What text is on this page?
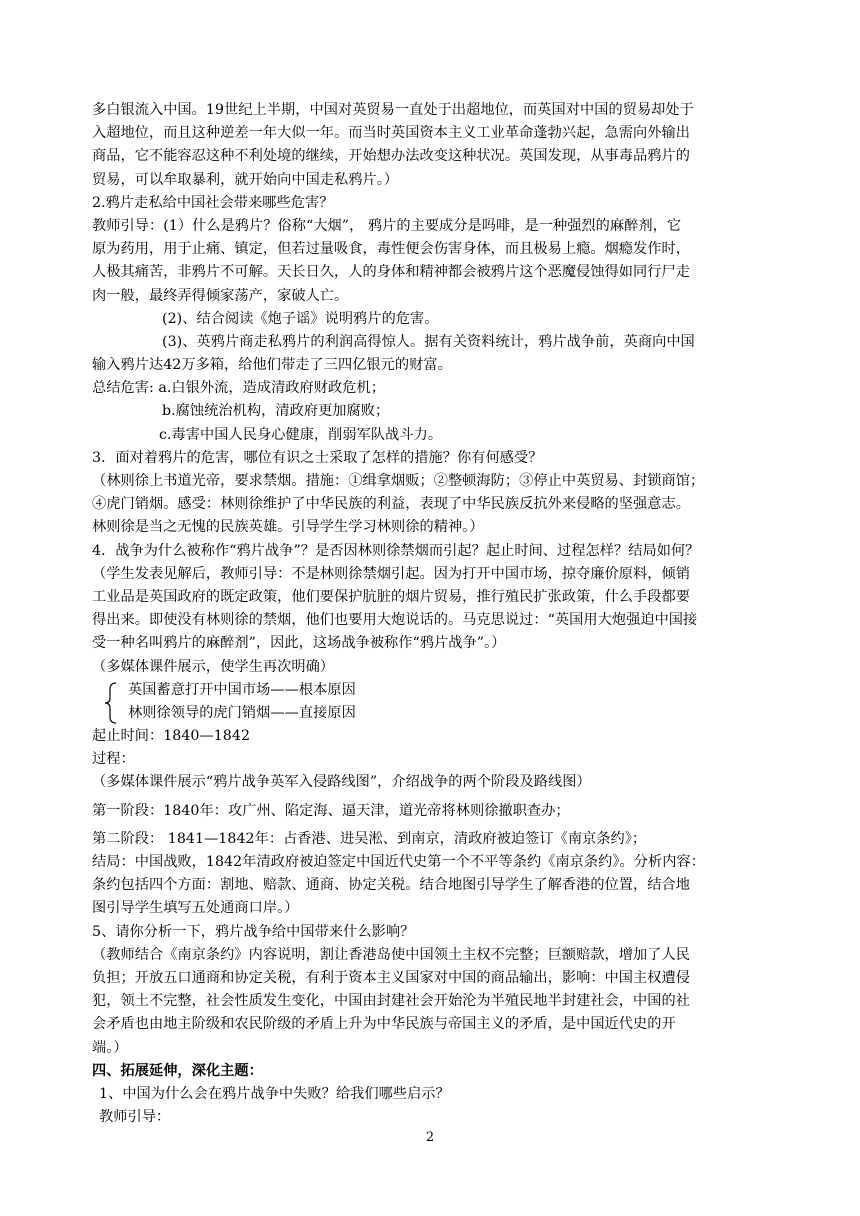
多白银流入中国。19世纪上半期，中国对英贸易一直处于出超地位，而英国对中国的贸易却处于
入超地位，而且这种逆差一年大似一年。而当时英国资本主义工业革命蓬勃兴起，急需向外输出
商品，它不能容忍这种不利处境的继续，开始想办法改变这种状况。英国发现，从事毒品鸦片的
贸易，可以牟取暴利，就开始向中国走私鸦片。）
2.鸦片走私给中国社会带来哪些危害？
教师引导：(1）什么是鸦片？俗称“大烟”， 鸦片的主要成分是吗啡，是一种强烈的麻醉剂，它
原为药用，用于止痛、镇定，但若过量吸食，毒性便会伤害身体，而且极易上瘾。烟瘾发作时，
人极其痛苦，非鸦片不可解。天长日久，人的身体和精神都会被鸦片这个恶魔侵蚀得如同行尸走
肉一般，最终弄得倾家荡产，家破人亡。
(2)、结合阅读《炮子谣》说明鸦片的危害。
(3)、英鸦片商走私鸦片的利润高得惊人。据有关资料统计，鸦片战争前，英商向中国
输入鸦片达42万多箱，给他们带走了三四亿银元的财富。
总结危害: a.白银外流，造成清政府财政危机；
b.腐蚀统治机构，清政府更加腐败；
c.毒害中国人民身心健康，削弱军队战斗力。
3．面对着鸦片的危害，哪位有识之士采取了怎样的措施？你有何感受？
（林则徐上书道光帝，要求禁烟。措施：①缉拿烟贩；②整顿海防；③停止中英贸易、封锁商馆；
④虎门销烟。感受：林则徐维护了中华民族的利益，表现了中华民族反抗外来侵略的坚强意志。
林则徐是当之无愧的民族英雄。引导学生学习林则徐的精神。）
4．战争为什么被称作“鸦片战争”？是否因林则徐禁烟而引起？起止时间、过程怎样？结局如何？
（学生发表见解后，教师引导：不是林则徐禁烟引起。因为打开中国市场，掠夺廉价原料，倾销
工业品是英国政府的既定政策，他们要保护肮脏的烟片贸易，推行殖民扩张政策，什么手段都要
得出来。即使没有林则徐的禁烟，他们也要用大炮说话的。马克思说过：“英国用大炮强迫中国接
受一种名叫鸦片的麻醉剂”，因此，这场战争被称作“鸦片战争”。）
（多媒体课件展示，使学生再次明确）
英国蓄意打开中国市场——根本原因
林则徐领导的虎门销烟——直接原因
起止时间：1840—1842
过程：
（多媒体课件展示“鸦片战争英军入侵路线图”，介绍战争的两个阶段及路线图）
第一阶段：1840年：攻广州、陷定海、逼天津，道光帝将林则徐撤职查办；
第二阶段： 1841—1842年：占香港、进吴淞、到南京，清政府被迫签订《南京条约》；
结局：中国战败，1842年清政府被迫签定中国近代史第一个不平等条约《南京条约》。分析内容：
条约包括四个方面：割地、赔款、通商、协定关税。结合地图引导学生了解香港的位置，结合地
图引导学生填写五处通商口岸。）
5、请你分析一下，鸦片战争给中国带来什么影响？
（教师结合《南京条约》内容说明，割让香港岛使中国领土主权不完整；巨额赔款，增加了人民
负担；开放五口通商和协定关税，有利于资本主义国家对中国的商品输出，影响：中国主权遭侵
犯，领土不完整，社会性质发生变化，中国由封建社会开始沦为半殖民地半封建社会，中国的社
会矛盾也由地主阶级和农民阶级的矛盾上升为中华民族与帝国主义的矛盾，是中国近代史的开
端。）
四、拓展延伸，深化主题：
1、中国为什么会在鸦片战争中失败？给我们哪些启示？
教师引导：
2
